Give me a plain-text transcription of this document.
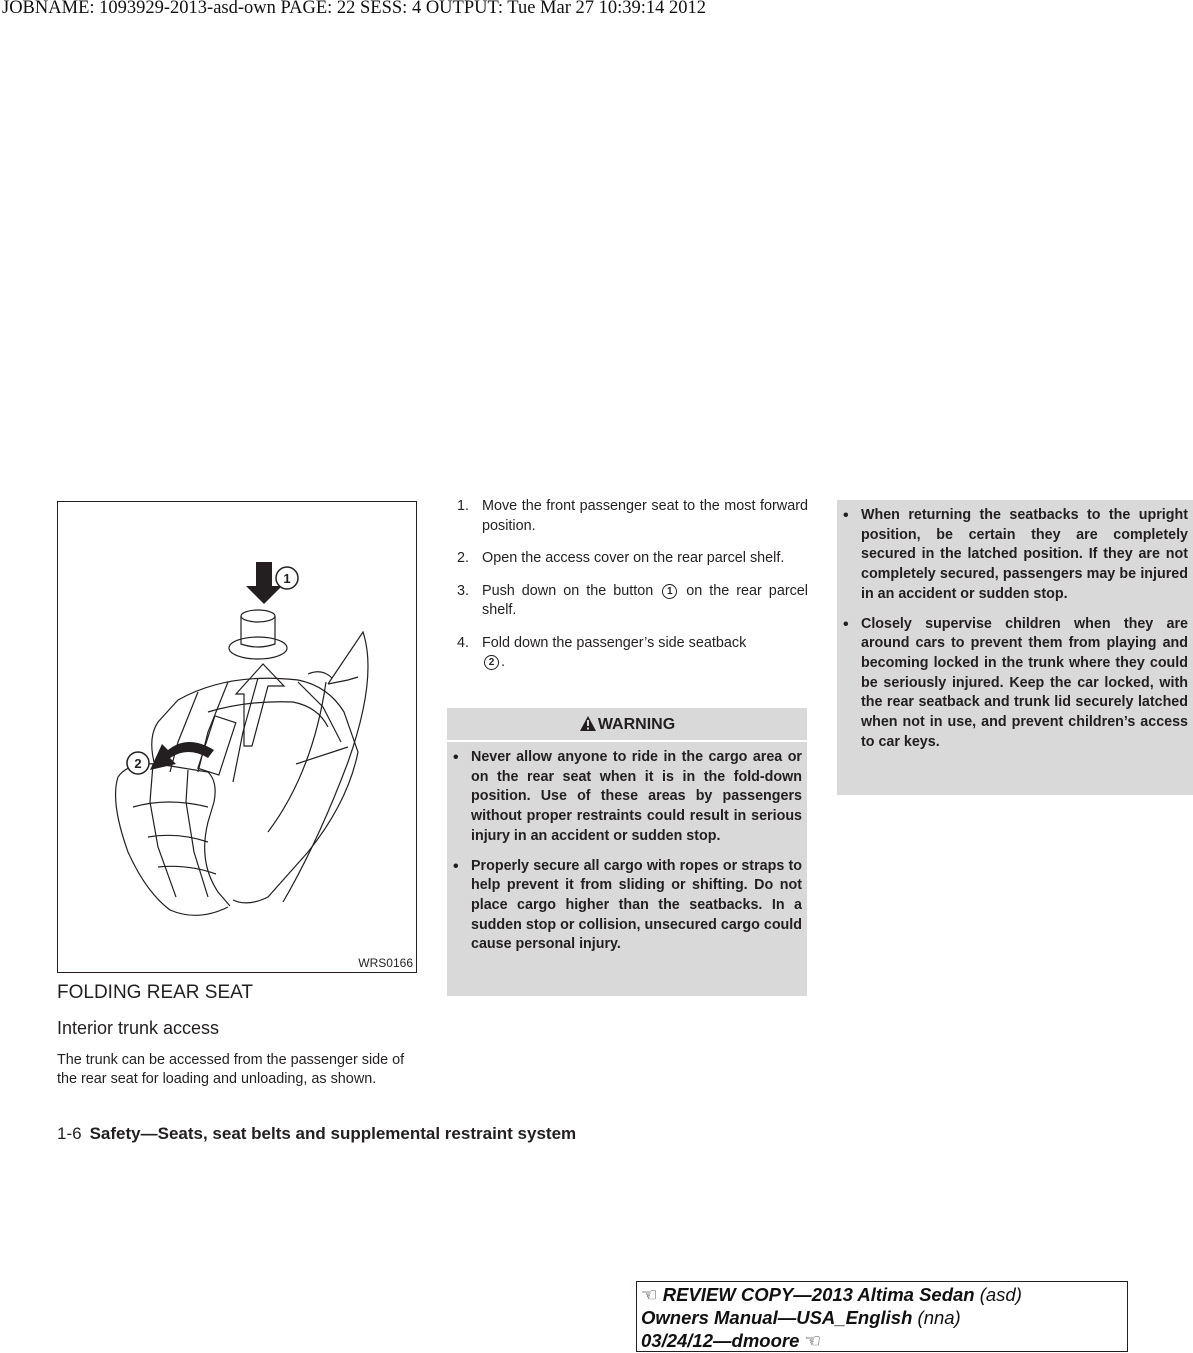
JOBNAME: 1093929-2013-asd-own PAGE: 22 SESS: 4 OUTPUT: Tue Mar 27 10:39:14 2012
1
2
WRS0166
FOLDING REAR SEAT
Interior trunk access
The trunk can be accessed from the passenger side of the rear seat for loading and unloading, as shown.
1. Move the front passenger seat to the most forward position.
2. Open the access cover on the rear parcel shelf.
3. Push down on the button 1 on the rear parcel shelf.
4. Fold down the passenger’s side seatback
2 .
WARNING
• Never allow anyone to ride in the cargo area or on the rear seat when it is in the fold-down position. Use of these areas by passengers without proper restraints could result in serious injury in an accident or sudden stop.
• Properly secure all cargo with ropes or straps to help prevent it from sliding or shifting. Do not place cargo higher than the seatbacks. In a sudden stop or collision, unsecured cargo could cause personal injury.
• When returning the seatbacks to the upright position, be certain they are completely secured in the latched position. If they are not completely secured, passengers may be injured in an accident or sudden stop.
• Closely supervise children when they are around cars to prevent them from playing and becoming locked in the trunk where they could be seriously injured. Keep the car locked, with the rear seatback and trunk lid securely latched when not in use, and prevent children’s access to car keys.
1-6 Safety—Seats, seat belts and supplemental restraint system
☜ REVIEW COPY—2013 Altima Sedan (asd)
Owners Manual—USA_English (nna)
03/24/12—dmoore ☜
